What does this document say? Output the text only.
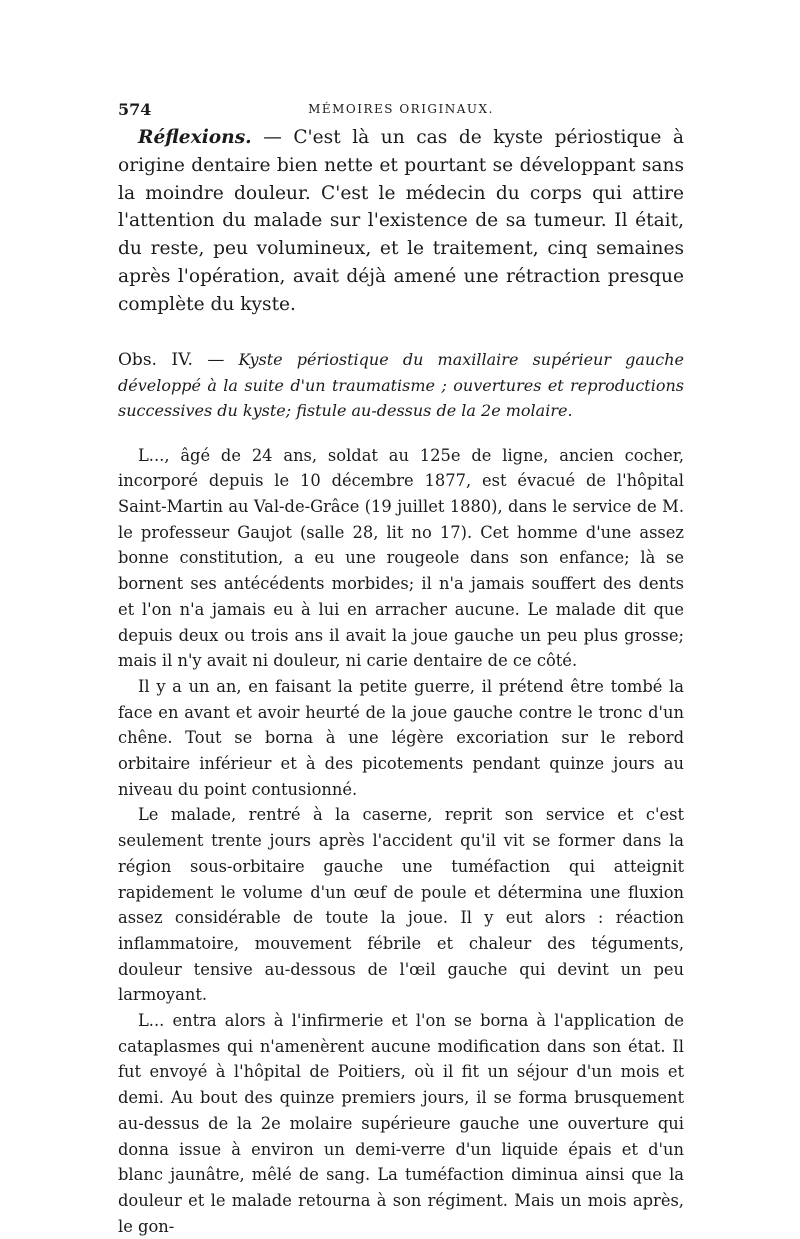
574	MÉMOIRES ORIGINAUX.

Réflexions. — C'est là un cas de kyste périostique à origine dentaire bien nette et pourtant se développant sans la moindre douleur. C'est le médecin du corps qui attire l'attention du malade sur l'existence de sa tumeur. Il était, du reste, peu volumineux, et le traitement, cinq semaines après l'opération, avait déjà amené une rétraction presque complète du kyste.

Obs. IV. — Kyste périostique du maxillaire supérieur gauche développé à la suite d'un traumatisme ; ouvertures et reproductions successives du kyste; fistule au-dessus de la 2e molaire.

L..., âgé de 24 ans, soldat au 125e de ligne, ancien cocher, incorporé depuis le 10 décembre 1877, est évacué de l'hôpital Saint-Martin au Val-de-Grâce (19 juillet 1880), dans le service de M. le professeur Gaujot (salle 28, lit no 17). Cet homme d'une assez bonne constitution, a eu une rougeole dans son enfance; là se bornent ses antécédents morbides; il n'a jamais souffert des dents et l'on n'a jamais eu à lui en arracher aucune. Le malade dit que depuis deux ou trois ans il avait la joue gauche un peu plus grosse; mais il n'y avait ni douleur, ni carie dentaire de ce côté.

Il y a un an, en faisant la petite guerre, il prétend être tombé la face en avant et avoir heurté de la joue gauche contre le tronc d'un chêne. Tout se borna à une légère excoriation sur le rebord orbitaire inférieur et à des picotements pendant quinze jours au niveau du point contusionné.

Le malade, rentré à la caserne, reprit son service et c'est seulement trente jours après l'accident qu'il vit se former dans la région sous-orbitaire gauche une tuméfaction qui atteignit rapidement le volume d'un œuf de poule et détermina une fluxion assez considérable de toute la joue. Il y eut alors : réaction inflammatoire, mouvement fébrile et chaleur des téguments, douleur tensive au-dessous de l'œil gauche qui devint un peu larmoyant.

L... entra alors à l'infirmerie et l'on se borna à l'application de cataplasmes qui n'amenèrent aucune modification dans son état. Il fut envoyé à l'hôpital de Poitiers, où il fit un séjour d'un mois et demi. Au bout des quinze premiers jours, il se forma brusquement au-dessus de la 2e molaire supérieure gauche une ouverture qui donna issue à environ un demi-verre d'un liquide épais et d'un blanc jaunâtre, mêlé de sang. La tuméfaction diminua ainsi que la douleur et le malade retourna à son régiment. Mais un mois après, le gon-
